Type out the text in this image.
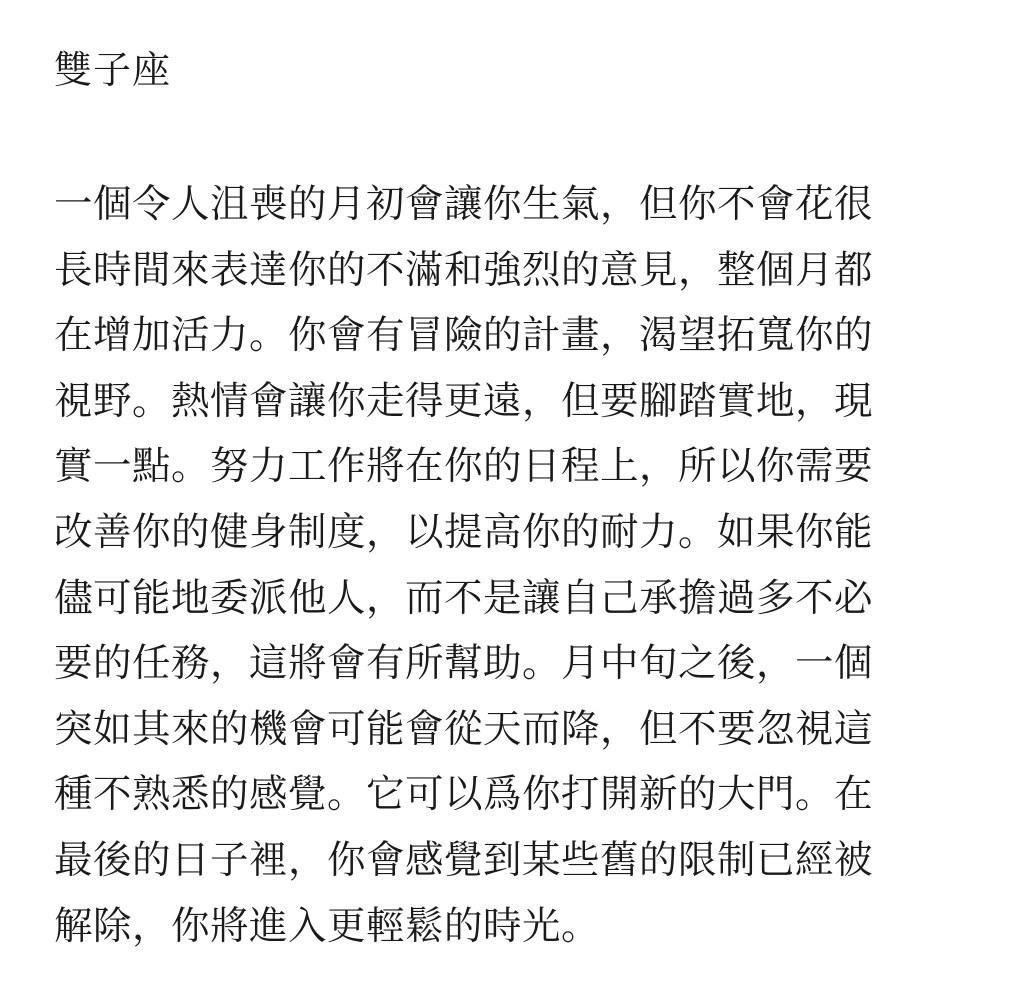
雙子座
一個令人沮喪的月初會讓你生氣，但你不會花很
長時間來表達你的不滿和強烈的意見，整個月都
在增加活力。你會有冒險的計畫，渴望拓寬你的
視野。熱情會讓你走得更遠，但要腳踏實地，現
實一點。努力工作將在你的日程上，所以你需要
改善你的健身制度，以提高你的耐力。如果你能
儘可能地委派他人，而不是讓自己承擔過多不必
要的任務，這將會有所幫助。月中旬之後，一個
突如其來的機會可能會從天而降，但不要忽視這
種不熟悉的感覺。它可以爲你打開新的大門。在
最後的日子裡，你會感覺到某些舊的限制已經被
解除，你將進入更輕鬆的時光。
